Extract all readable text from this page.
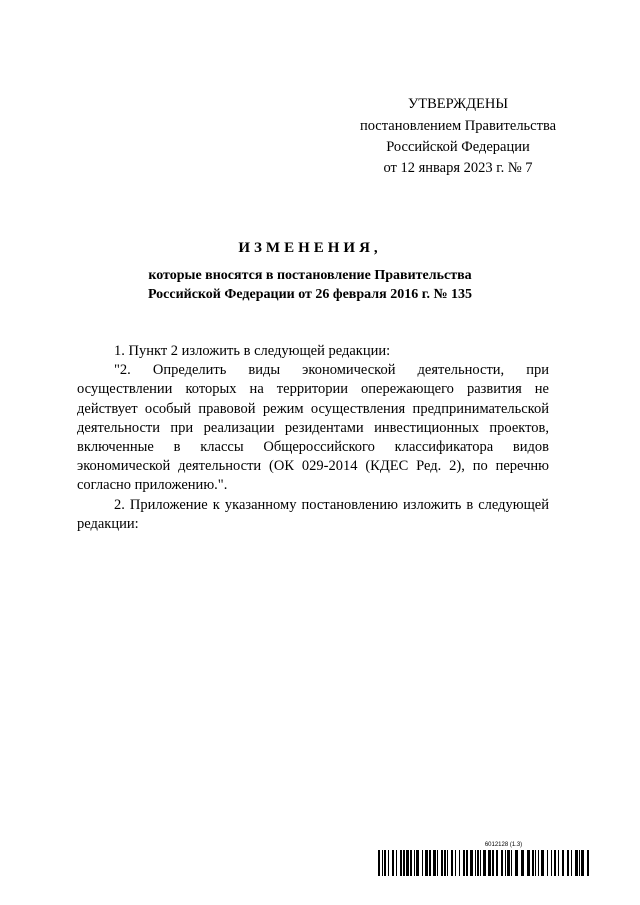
УТВЕРЖДЕНЫ
постановлением Правительства
Российской Федерации
от 12 января 2023 г. № 7
ИЗМЕНЕНИЯ,
которые вносятся в постановление Правительства
Российской Федерации от 26 февраля 2016 г. № 135

1. Пункт 2 изложить в следующей редакции:

"2. Определить виды экономической деятельности, при осуществлении которых на территории опережающего развития не действует особый правовой режим осуществления предпринимательской деятельности при реализации резидентами инвестиционных проектов, включенные в классы Общероссийского классификатора видов экономической деятельности (ОК 029-2014 (КДЕС Ред. 2), по перечню согласно приложению.".

2. Приложение к указанному постановлению изложить в следующей редакции:

6012128 (1.3)
